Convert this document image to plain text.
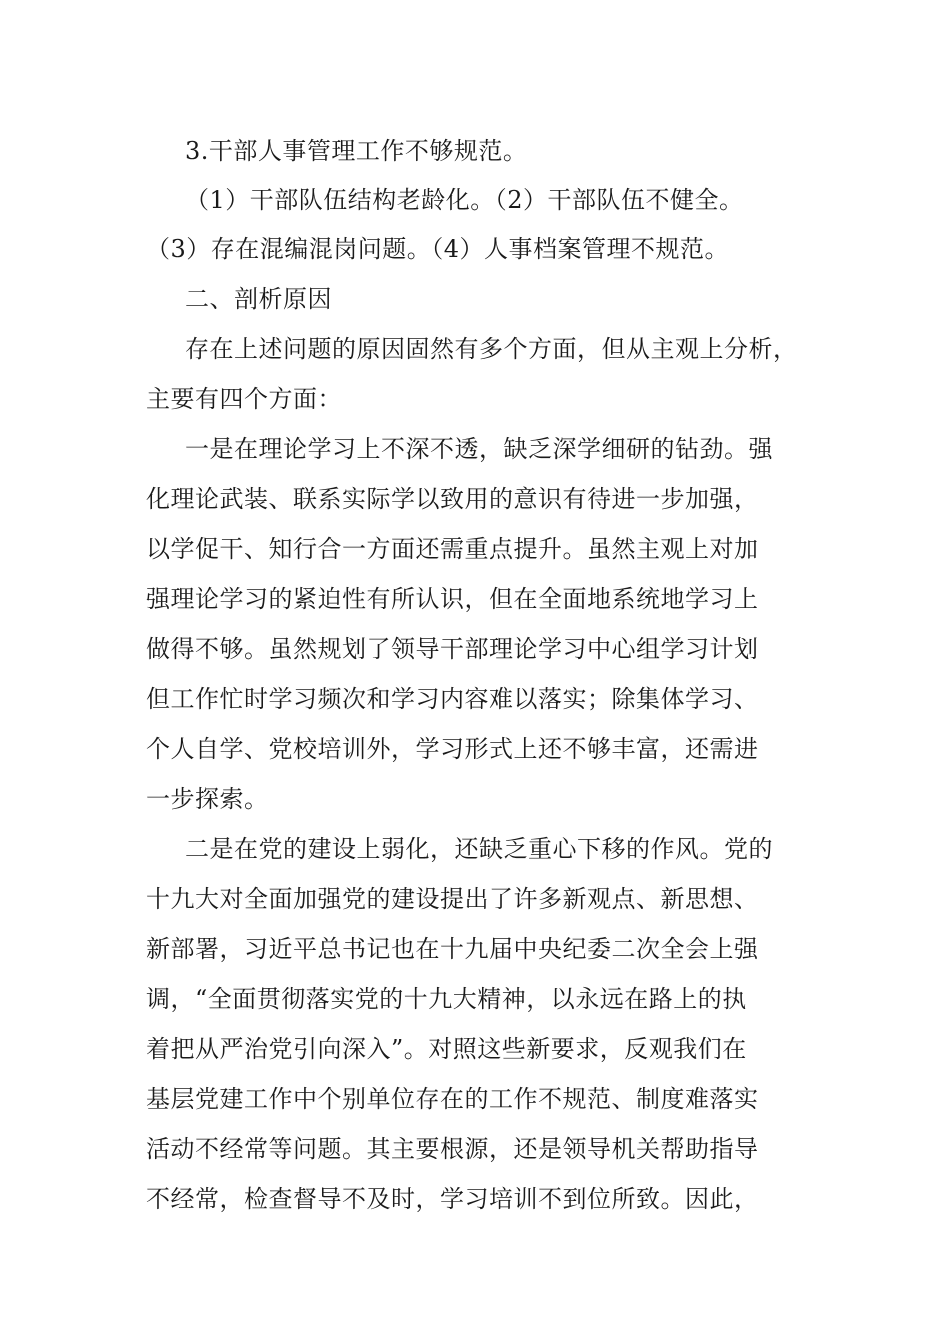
3.干部人事管理工作不够规范。
（1）干部队伍结构老龄化。（2）干部队伍不健全。
（3）存在混编混岗问题。（4）人事档案管理不规范。
二、剖析原因
存在上述问题的原因固然有多个方面，但从主观上分析，
主要有四个方面：
一是在理论学习上不深不透，缺乏深学细研的钻劲。强
化理论武装、联系实际学以致用的意识有待进一步加强，
以学促干、知行合一方面还需重点提升。虽然主观上对加
强理论学习的紧迫性有所认识，但在全面地系统地学习上
做得不够。虽然规划了领导干部理论学习中心组学习计划
但工作忙时学习频次和学习内容难以落实；除集体学习、
个人自学、党校培训外，学习形式上还不够丰富，还需进
一步探索。
二是在党的建设上弱化，还缺乏重心下移的作风。党的
十九大对全面加强党的建设提出了许多新观点、新思想、
新部署，习近平总书记也在十九届中央纪委二次全会上强
调，“全面贯彻落实党的十九大精神，以永远在路上的执
着把从严治党引向深入”。对照这些新要求，反观我们在
基层党建工作中个别单位存在的工作不规范、制度难落实
活动不经常等问题。其主要根源，还是领导机关帮助指导
不经常，检查督导不及时，学习培训不到位所致。因此，
